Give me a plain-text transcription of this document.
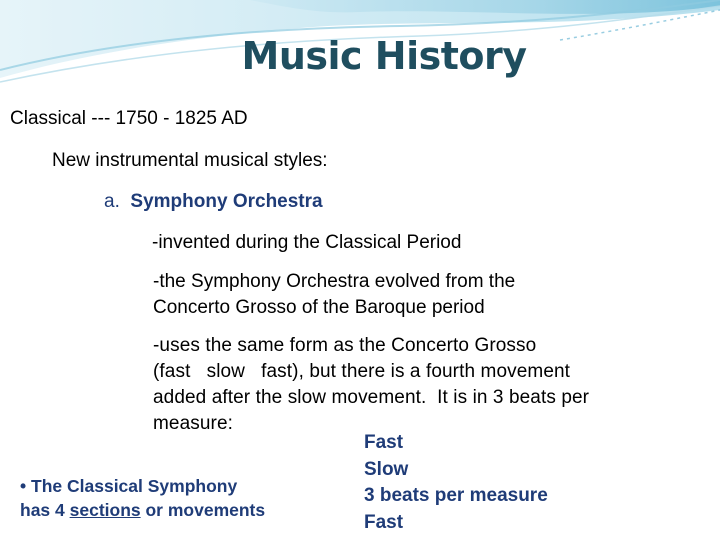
Music History
Classical --- 1750 - 1825 AD
New instrumental musical styles:
a. Symphony Orchestra
-invented during the Classical Period
-the Symphony Orchestra evolved from the
Concerto Grosso of the Baroque period
-uses the same form as the Concerto Grosso
(fast   slow   fast), but there is a fourth movement
added after the slow movement.  It is in 3 beats per
measure:
• The Classical Symphony
has 4 sections or movements
Fast
Slow
3 beats per measure
Fast
